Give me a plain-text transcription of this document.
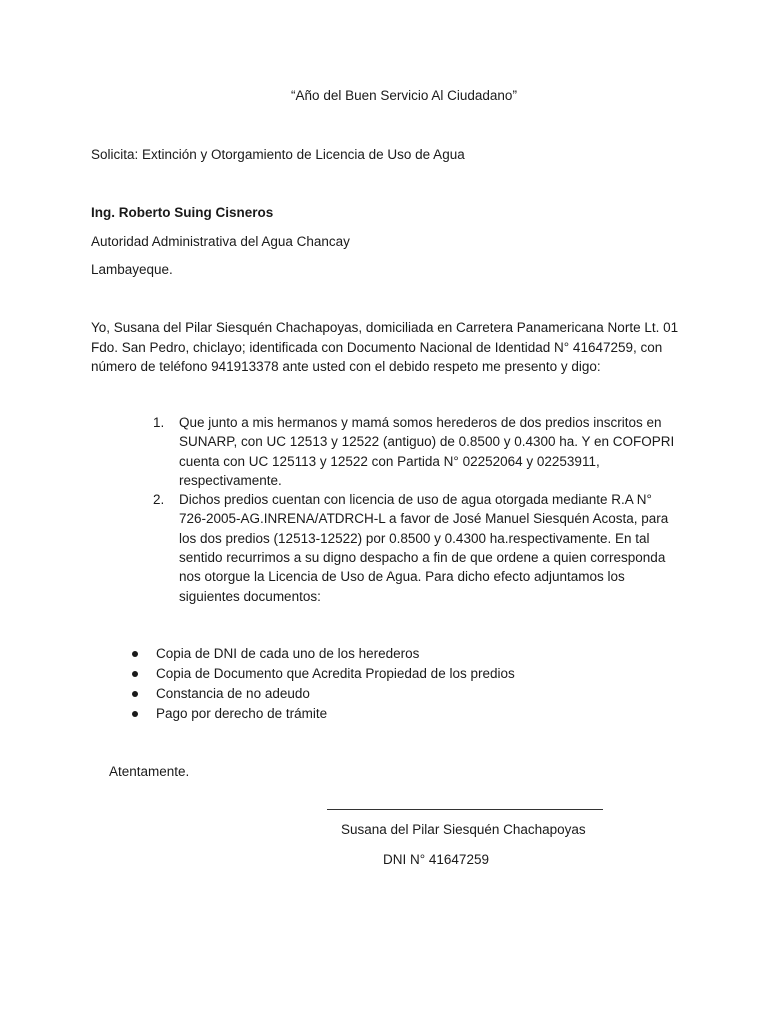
“Año del Buen Servicio Al Ciudadano”
Solicita: Extinción y Otorgamiento de Licencia de Uso de Agua
Ing. Roberto Suing Cisneros
Autoridad Administrativa del Agua Chancay
Lambayeque.
Yo, Susana del Pilar Siesquén Chachapoyas, domiciliada en Carretera Panamericana Norte Lt. 01
Fdo. San Pedro, chiclayo; identificada con Documento Nacional de Identidad N° 41647259, con
número de teléfono 941913378 ante usted con el debido respeto me presento y digo:
1.	Que junto a mis hermanos y mamá somos herederos de dos predios inscritos en
SUNARP, con UC 12513 y 12522 (antiguo) de 0.8500 y 0.4300 ha. Y en COFOPRI
cuenta con UC 125113 y 12522 con Partida N° 02252064 y 02253911,
respectivamente.
2.	Dichos predios cuentan con licencia de uso de agua otorgada mediante R.A N°
726-2005-AG.INRENA/ATDRCH-L a favor de José Manuel Siesquén Acosta, para
los dos predios (12513-12522) por 0.8500 y 0.4300 ha.respectivamente. En tal
sentido recurrimos a su digno despacho a fin de que ordene a quien corresponda
nos otorgue la Licencia de Uso de Agua. Para dicho efecto adjuntamos los
siguientes documentos:
Copia de DNI de cada uno de los herederos
Copia de Documento que Acredita Propiedad de los predios
Constancia de no adeudo
Pago por derecho de trámite
Atentamente.
Susana del Pilar Siesquén Chachapoyas
DNI N° 41647259
